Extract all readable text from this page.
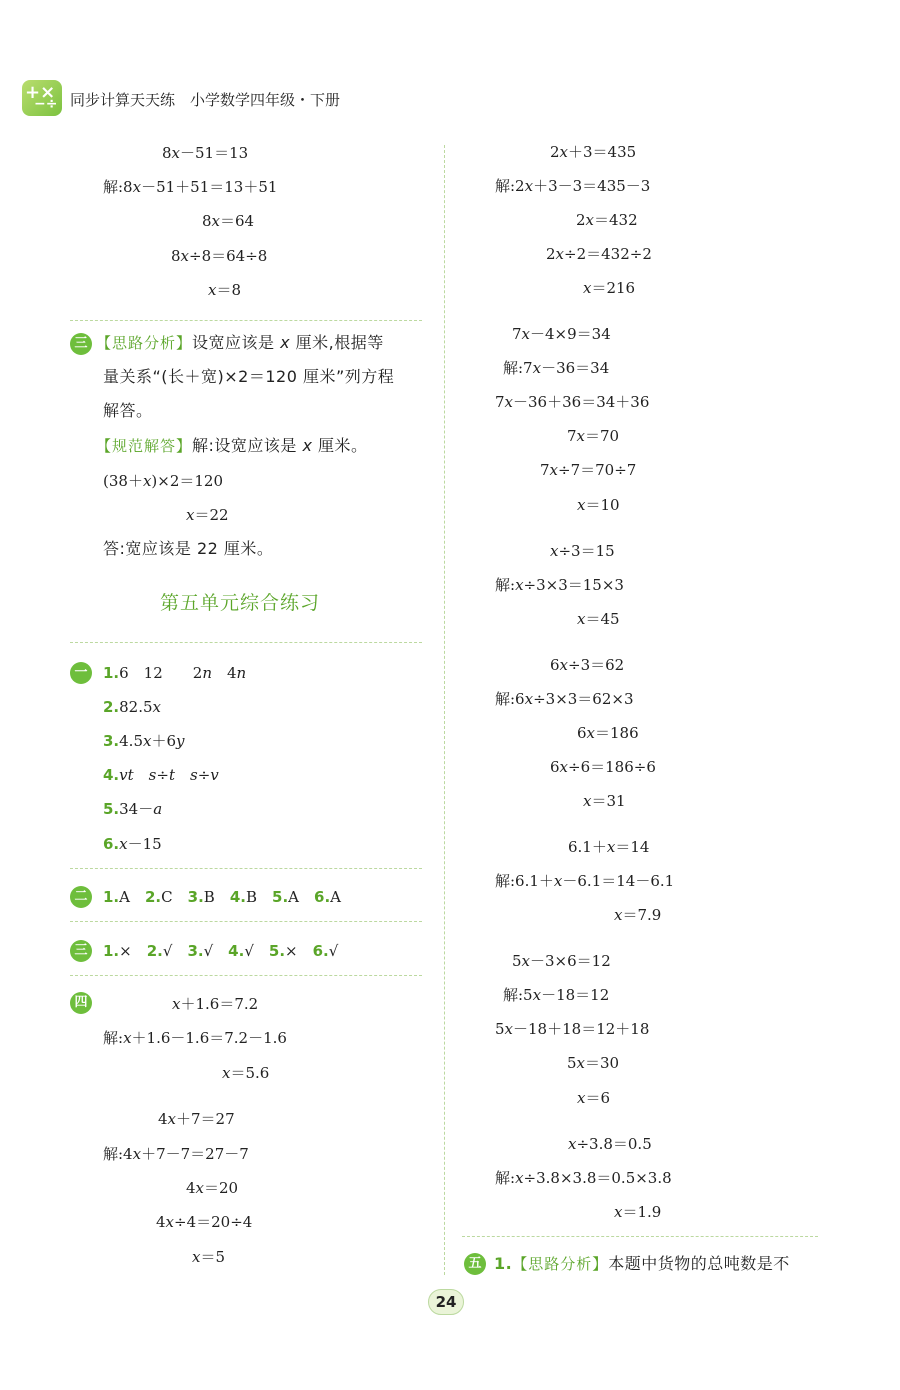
+× −÷
同步计算天天练　小学数学四年级・下册
8x－51＝13
解:8x－51＋51＝13＋51
8x＝64
8x÷8＝64÷8
x＝8
三 【思路分析】设宽应该是 x 厘米,根据等
量关系“(长＋宽)×2＝120 厘米”列方程
解答。
【规范解答】解:设宽应该是 x 厘米。
(38＋x)×2＝120
x＝22
答:宽应该是 22 厘米。
第五单元综合练习
一	1.6　12　　2n　4n
2.82.5x
3.4.5x＋6y
4.vt　 s÷t　 s÷v
5.34－a
6.x－15
二	1.A　 2.C　 3.B　 4.B　 5.A　 6.A
三	1.×　 2.√　 3.√　 4.√　 5.×　 6.√
四	x＋1.6＝7.2
解:x＋1.6－1.6＝7.2－1.6
x＝5.6
4x＋7＝27
解:4x＋7－7＝27－7
4x＝20
4x÷4＝20÷4
x＝5
2x＋3＝435
解:2x＋3－3＝435－3
2x＝432
2x÷2＝432÷2
x＝216
7x－4×9＝34
解:7x－36＝34
7x－36＋36＝34＋36
7x＝70
7x÷7＝70÷7
x＝10
x÷3＝15
解:x÷3×3＝15×3
x＝45
6x÷3＝62
解:6x÷3×3＝62×3
6x＝186
6x÷6＝186÷6
x＝31
6.1＋x＝14
解:6.1＋x－6.1＝14－6.1
x＝7.9
5x－3×6＝12
解:5x－18＝12
5x－18＋18＝12＋18
5x＝30
x＝6
x÷3.8＝0.5
解:x÷3.8×3.8＝0.5×3.8
x＝1.9
五 1.【思路分析】本题中货物的总吨数是不
24
